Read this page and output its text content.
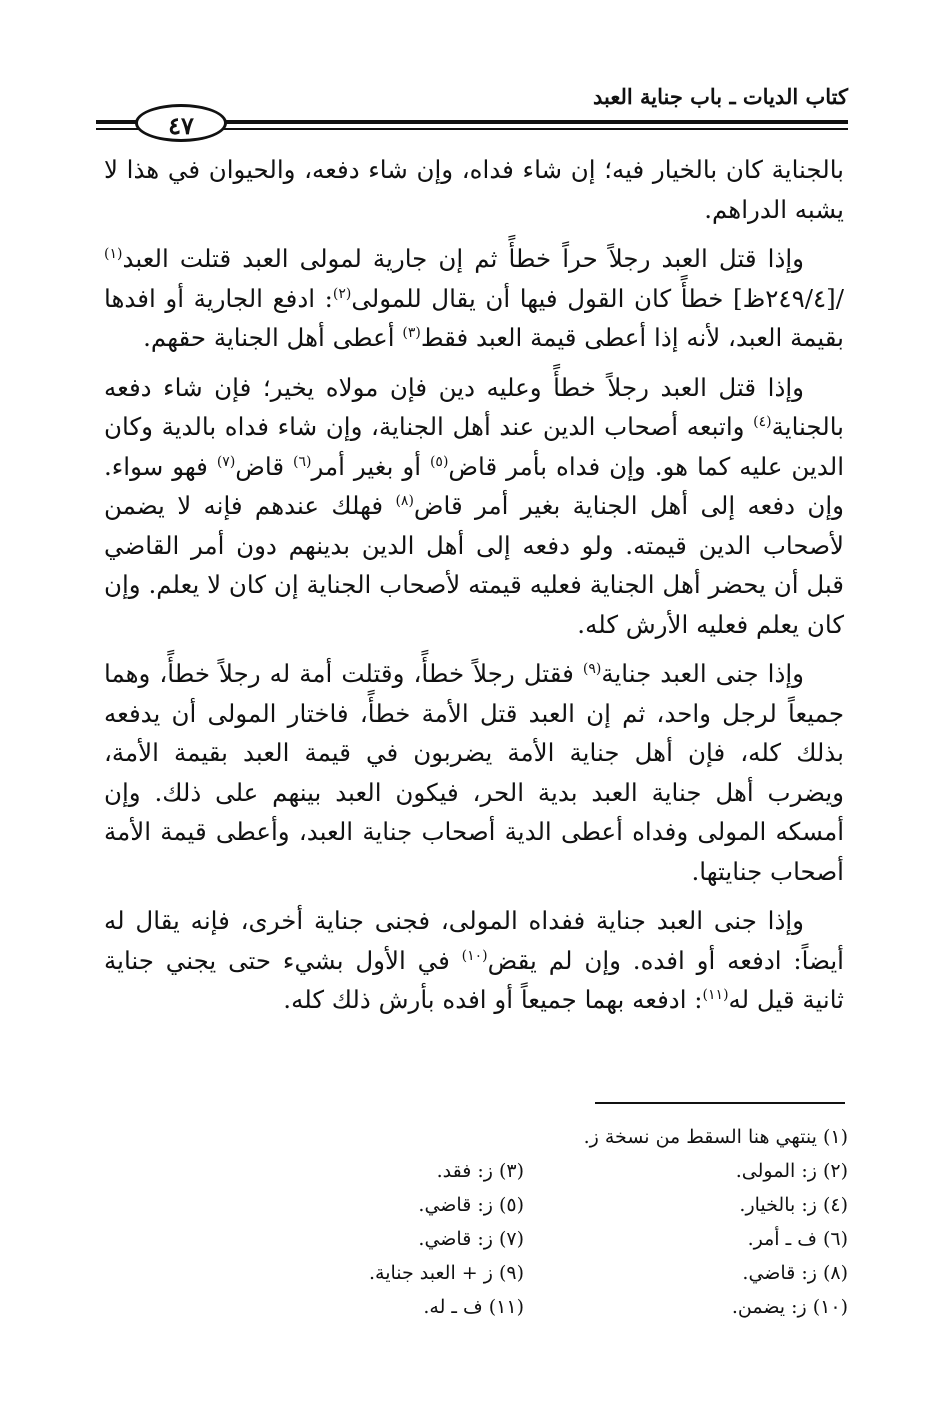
كتاب الديات ـ باب جناية العبد
٤٧

بالجناية كان بالخيار فيه؛ إن شاء فداه، وإن شاء دفعه، والحيوان في هذا لا يشبه الدراهم.

وإذا قتل العبد رجلاً حراً خطأً ثم إن جارية لمولى العبد قتلت العبد$^{(١)}$ /[٢٤٩/٤ظ] خطأً كان القول فيها أن يقال للمولى$^{(٢)}$: ادفع الجارية أو افدها بقيمة العبد، لأنه إذا أعطى قيمة العبد فقط$^{(٣)}$ أعطى أهل الجناية حقهم.

وإذا قتل العبد رجلاً خطأً وعليه دين فإن مولاه يخير؛ فإن شاء دفعه بالجناية$^{(٤)}$ واتبعه أصحاب الدين عند أهل الجناية، وإن شاء فداه بالدية وكان الدين عليه كما هو. وإن فداه بأمر قاض$^{(٥)}$ أو بغير أمر$^{(٦)}$ قاض$^{(٧)}$ فهو سواء. وإن دفعه إلى أهل الجناية بغير أمر قاض$^{(٨)}$ فهلك عندهم فإنه لا يضمن لأصحاب الدين قيمته. ولو دفعه إلى أهل الدين بدينهم دون أمر القاضي قبل أن يحضر أهل الجناية فعليه قيمته لأصحاب الجناية إن كان لا يعلم. وإن كان يعلم فعليه الأرش كله.

وإذا جنى العبد جناية$^{(٩)}$ فقتل رجلاً خطأً، وقتلت أمة له رجلاً خطأً، وهما جميعاً لرجل واحد، ثم إن العبد قتل الأمة خطأً، فاختار المولى أن يدفعه بذلك كله، فإن أهل جناية الأمة يضربون في قيمة العبد بقيمة الأمة، ويضرب أهل جناية العبد بدية الحر، فيكون العبد بينهم على ذلك. وإن أمسكه المولى وفداه أعطى الدية أصحاب جناية العبد، وأعطى قيمة الأمة أصحاب جنايتها.

وإذا جنى العبد جناية ففداه المولى، فجنى جناية أخرى، فإنه يقال له أيضاً: ادفعه أو افده. وإن لم يقض$^{(١٠)}$ في الأول بشيء حتى يجني جناية ثانية قيل له$^{(١١)}$: ادفعه بهما جميعاً أو افده بأرش ذلك كله.

(١) ينتهي هنا السقط من نسخة ز.
(٢) ز: المولى.
(٣) ز: فقد.
(٤) ز: بالخيار.
(٥) ز: قاضي.
(٦) ف ـ أمر.
(٧) ز: قاضي.
(٨) ز: قاضي.
(٩) ز + العبد جناية.
(١٠) ز: يضمن.
(١١) ف ـ له.
